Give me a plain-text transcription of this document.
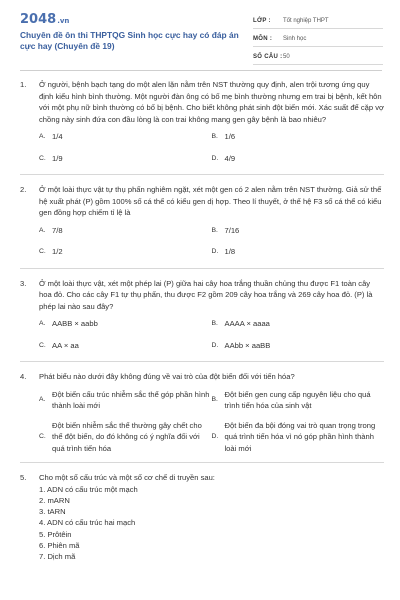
2048.vn
Chuyên đề ôn thi THPTQG Sinh học cực hay có đáp án cực hay (Chuyên đề 19)
LỚP :	Tốt nghiệp THPT
MÔN :	Sinh học
SỐ CÂU : 50
1.	Ở người, bệnh bạch tạng do một alen lặn nằm trên NST thường quy định, alen trội tương ứng quy định kiểu hình bình thường. Một người đàn ông có bố mẹ bình thường nhưng em trai bị bệnh, kết hôn với một phụ nữ bình thường có bố bị bệnh. Cho biết không phát sinh đột biến mới. Xác suất để cặp vợ chồng này sinh đứa con đầu lòng là con trai không mang gen gây bệnh là bao nhiêu?
A. 1/4	B. 1/6
C. 1/9	D. 4/9
2.	Ở một loài thực vật tự thụ phấn nghiêm ngặt, xét một gen có 2 alen nằm trên NST thường. Giả sử thế hệ xuất phát (P) gồm 100% số cá thể có kiểu gen dị hợp. Theo lí thuyết, ở thế hệ F3 số cá thể có kiểu gen đồng hợp chiếm tỉ lệ là
A. 7/8	B. 7/16
C. 1/2	D. 1/8
3.	Ở một loài thực vật, xét một phép lai (P) giữa hai cây hoa trắng thuần chủng thu được F1 toàn cây hoa đỏ. Cho các cây F1 tự thụ phấn, thu được F2 gồm 209 cây hoa trắng và 269 cây hoa đỏ. (P) là phép lai nào sau đây?
A. AABB × aabb	B. AAAA × aaaa
C. AA × aa	D. AAbb × aaBB
4.	Phát biểu nào dưới đây không đúng về vai trò của đột biến đối với tiến hóa?
A.
Đột biến cấu trúc nhiễm sắc thể góp phần hình thành loài mới
B.
Đột biến gen cung cấp nguyên liệu cho quá trình tiến hóa của sinh vật
C.
Đột biến nhiễm sắc thể thường gây chết cho thể đột biến, do đó không có ý nghĩa đối với quá trình tiến hóa
D.
Đột biến đa bội đóng vai trò quan trọng trong quá trình tiến hóa vì nó góp phần hình thành loài mới
5.	Cho một số cấu trúc và một số cơ chế di truyền sau:
1. ADN có cấu trúc một mạch
2. mARN
3. tARN
4. ADN có cấu trúc hai mạch
5. Prôtêin
6. Phiên mã
7. Dịch mã
